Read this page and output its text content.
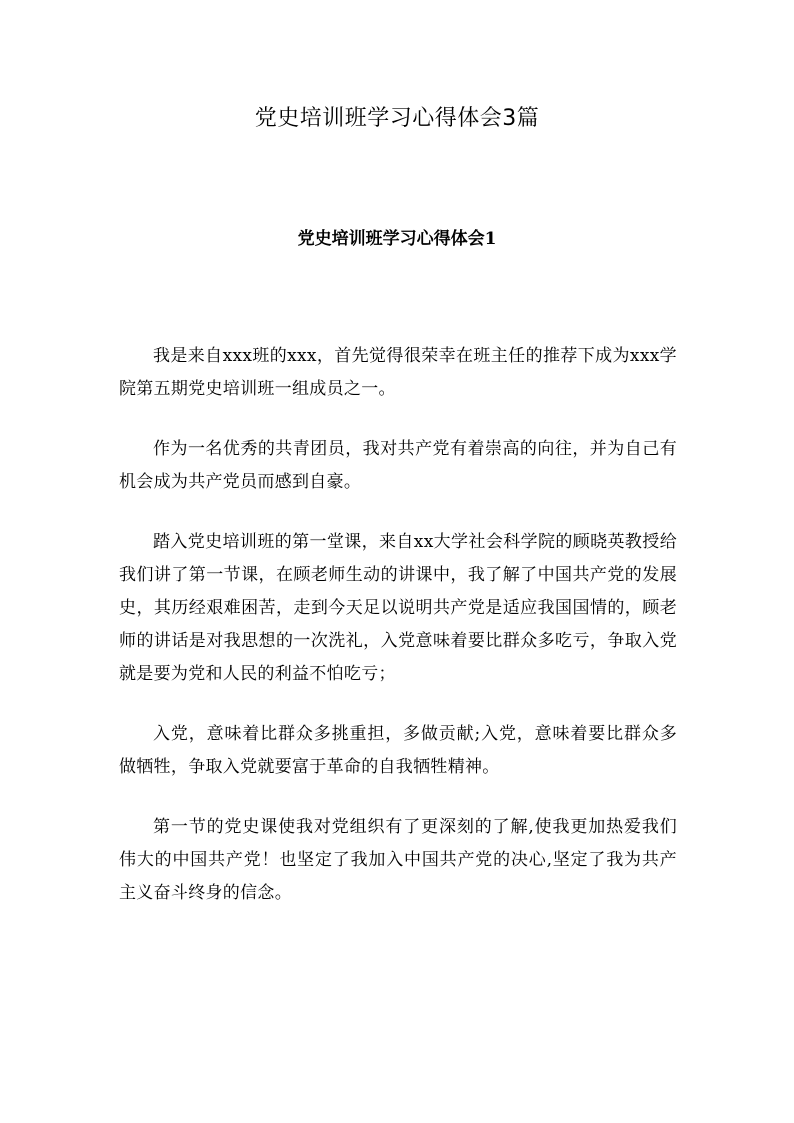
党史培训班学习心得体会3篇
党史培训班学习心得体会1

我是来自xxx班的xxx，首先觉得很荣幸在班主任的推荐下成为xxx学院第五期党史培训班一组成员之一。

作为一名优秀的共青团员，我对共产党有着崇高的向往，并为自己有机会成为共产党员而感到自豪。

踏入党史培训班的第一堂课，来自xx大学社会科学院的顾晓英教授给我们讲了第一节课，在顾老师生动的讲课中，我了解了中国共产党的发展史，其历经艰难困苦，走到今天足以说明共产党是适应我国国情的，顾老师的讲话是对我思想的一次洗礼，入党意味着要比群众多吃亏，争取入党就是要为党和人民的利益不怕吃亏；

入党，意味着比群众多挑重担，多做贡献;入党，意味着要比群众多做牺牲，争取入党就要富于革命的自我牺牲精神。

第一节的党史课使我对党组织有了更深刻的了解,使我更加热爱我们伟大的中国共产党！也坚定了我加入中国共产党的决心,坚定了我为共产主义奋斗终身的信念。
